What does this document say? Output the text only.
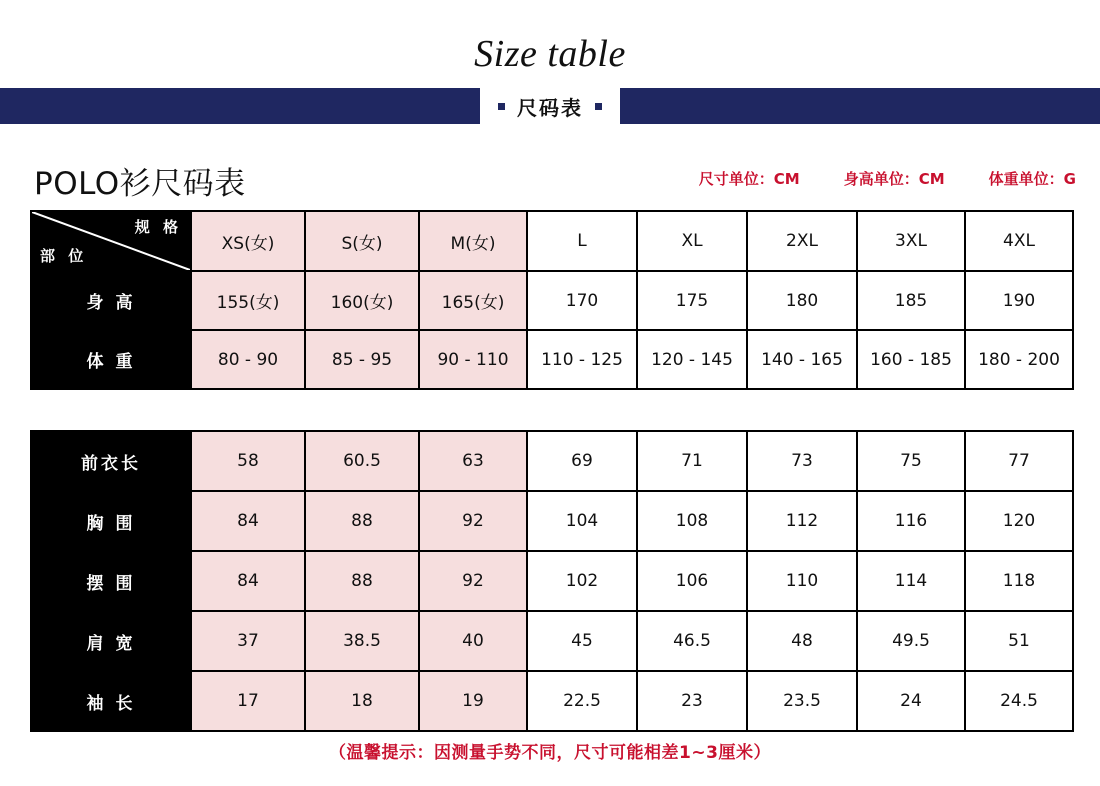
Size table
尺码表
POLO衫尺码表	尺寸单位：CM	身高单位：CM	体重单位：G
规 格
部 位	XS(女)	S(女)	M(女)	L	XL	2XL	3XL	4XL
身 高	155(女)	160(女)	165(女)	170	175	180	185	190
体 重	80 - 90	85 - 95	90 - 110	110 - 125	120 - 145	140 - 165	160 - 185	180 - 200
前衣长	58	60.5	63	69	71	73	75	77
胸 围	84	88	92	104	108	112	116	120
摆 围	84	88	92	102	106	110	114	118
肩 宽	37	38.5	40	45	46.5	48	49.5	51
袖 长	17	18	19	22.5	23	23.5	24	24.5
（温馨提示：因测量手势不同，尺寸可能相差1~3厘米）
